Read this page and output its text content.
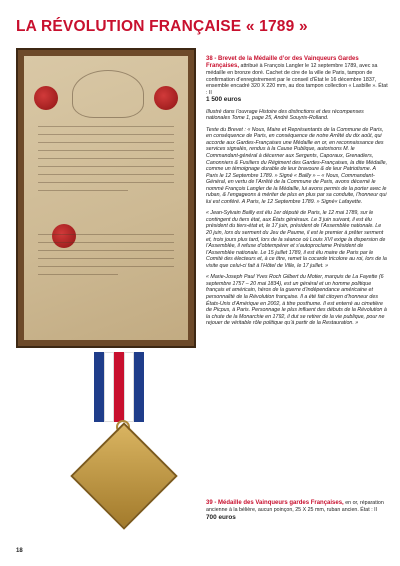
LA RÉVOLUTION FRANÇAISE « 1789 »
38 - Brevet de la Médaille d’or des Vainqueurs Gardes Françaises, attribué à François Langler le 12 septembre 1789, avec sa médaille en bronze doré. Cachet de cire de la ville de Paris, tampon de confirmation d’enregistrement par le conseil d’État le 16 décembre 1837, ensemble encadré 320 X 220 mm, au dos tampon collection « Lasbille ». État : II
1 500 euros
Illustré dans l’ouvrage Histoire des distinctions et des récompenses nationales Tome 1, page 25, André Souyris-Rolland.
Texte du Brevet : « Nous, Maire et Représentants de la Commune de Paris, en conséquence de Paris, en conséquence de notre Arrêté du dix août, qui accorde aux Gardes-Françaises une Médaille en or, en reconnaissance des services signalés, rendus à la Cause Publique, autorisons M. le Commandant-général à décerner aux Sergents, Caporaux, Grenadiers, Canonniers & Fusiliers du Régiment des Gardes-Françaises, la dite Médaille, comme un témoignage durable de leur bravoure & de leur Patriotisme. A Paris le 12 Septembre 1789. » Signé « Bailly » – « Nous, Commandant-Général, en vertu de l’Arrêté de la Commune de Paris, avons décerné le nommé François Langler de la Médaille, lui avons permis de la porter avec le ruban, & l’engageons à mériter de plus en plus par sa conduite, l’honneur qui lui est conféré. A Paris, le 12 Septembre 1789. » Signé« Lafayette.
« Jean-Sylvain Bailly est élu 1er député de Paris, le 12 mai 1789, sur le contingent du tiers état, aux États généraux. Le 3 juin suivant, il est élu président du tiers-état et, le 17 juin, président de l’Assemblée nationale. Le 20 juin, lors du serment du Jeu de Paume, il est le premier à prêter serment et, trois jours plus tard, lors de la séance où Louis XVI exige la dispersion de l’Assemblée, il refuse d’obtempérer et s’autoproclame Président de l’Assemblée nationale. Le 15 juillet 1789, il est élu maire de Paris par le Comité des électeurs et, à ce titre, remet la cocarde tricolore au roi, lors de la visite que celui-ci fait à l’Hôtel de Ville, le 17 juillet. »
« Marie-Joseph Paul Yves Roch Gilbert du Motier, marquis de La Fayette (6 septembre 1757 – 20 mai 1834), est un général et un homme politique français et américain, héros de la guerre d’indépendance américaine et personnalité de la Révolution française. Il a été fait citoyen d’honneur des États-Unis d’Amérique en 2002, à titre posthume. Il est enterré au cimetière de Picpus, à Paris. Personnage le plus influent des débuts de la Révolution à la chute de la Monarchie en 1792, il dut se retirer de la vie publique, pour ne rejouer de véritable rôle politique qu’à partir de la Restauration. »
39 - Médaille des Vainqueurs gardes Françaises, en or, réparation ancienne à la bélière, aucun poinçon, 25 X 25 mm, ruban ancien. État : II
700 euros
18
